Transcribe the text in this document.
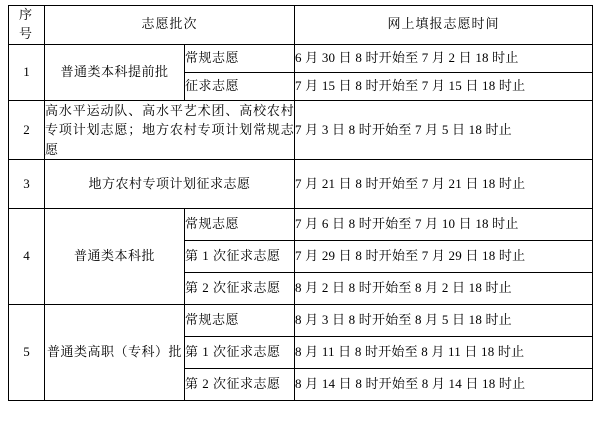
序 号	志愿批次		网上填报志愿时间
1	普通类本科提前批	常规志愿	6 月 30 日 8 时开始至 7 月 2 日 18 时止
		征求志愿	7 月 15 日 8 时开始至 7 月 15 日 18 时止
2	高水平运动队、高水平艺术团、高校农村专项计划志愿；地方农村专项计划常规志愿		7 月 3 日 8 时开始至 7 月 5 日 18 时止
3	地方农村专项计划征求志愿		7 月 21 日 8 时开始至 7 月 21 日 18 时止
4	普通类本科批	常规志愿	7 月 6 日 8 时开始至 7 月 10 日 18 时止
		第 1 次征求志愿	7 月 29 日 8 时开始至 7 月 29 日 18 时止
		第 2 次征求志愿	8 月 2 日 8 时开始至 8 月 2 日 18 时止
5	普通类高职（专科）批	常规志愿	8 月 3 日 8 时开始至 8 月 5 日 18 时止
		第 1 次征求志愿	8 月 11 日 8 时开始至 8 月 11 日 18 时止
		第 2 次征求志愿	8 月 14 日 8 时开始至 8 月 14 日 18 时止
